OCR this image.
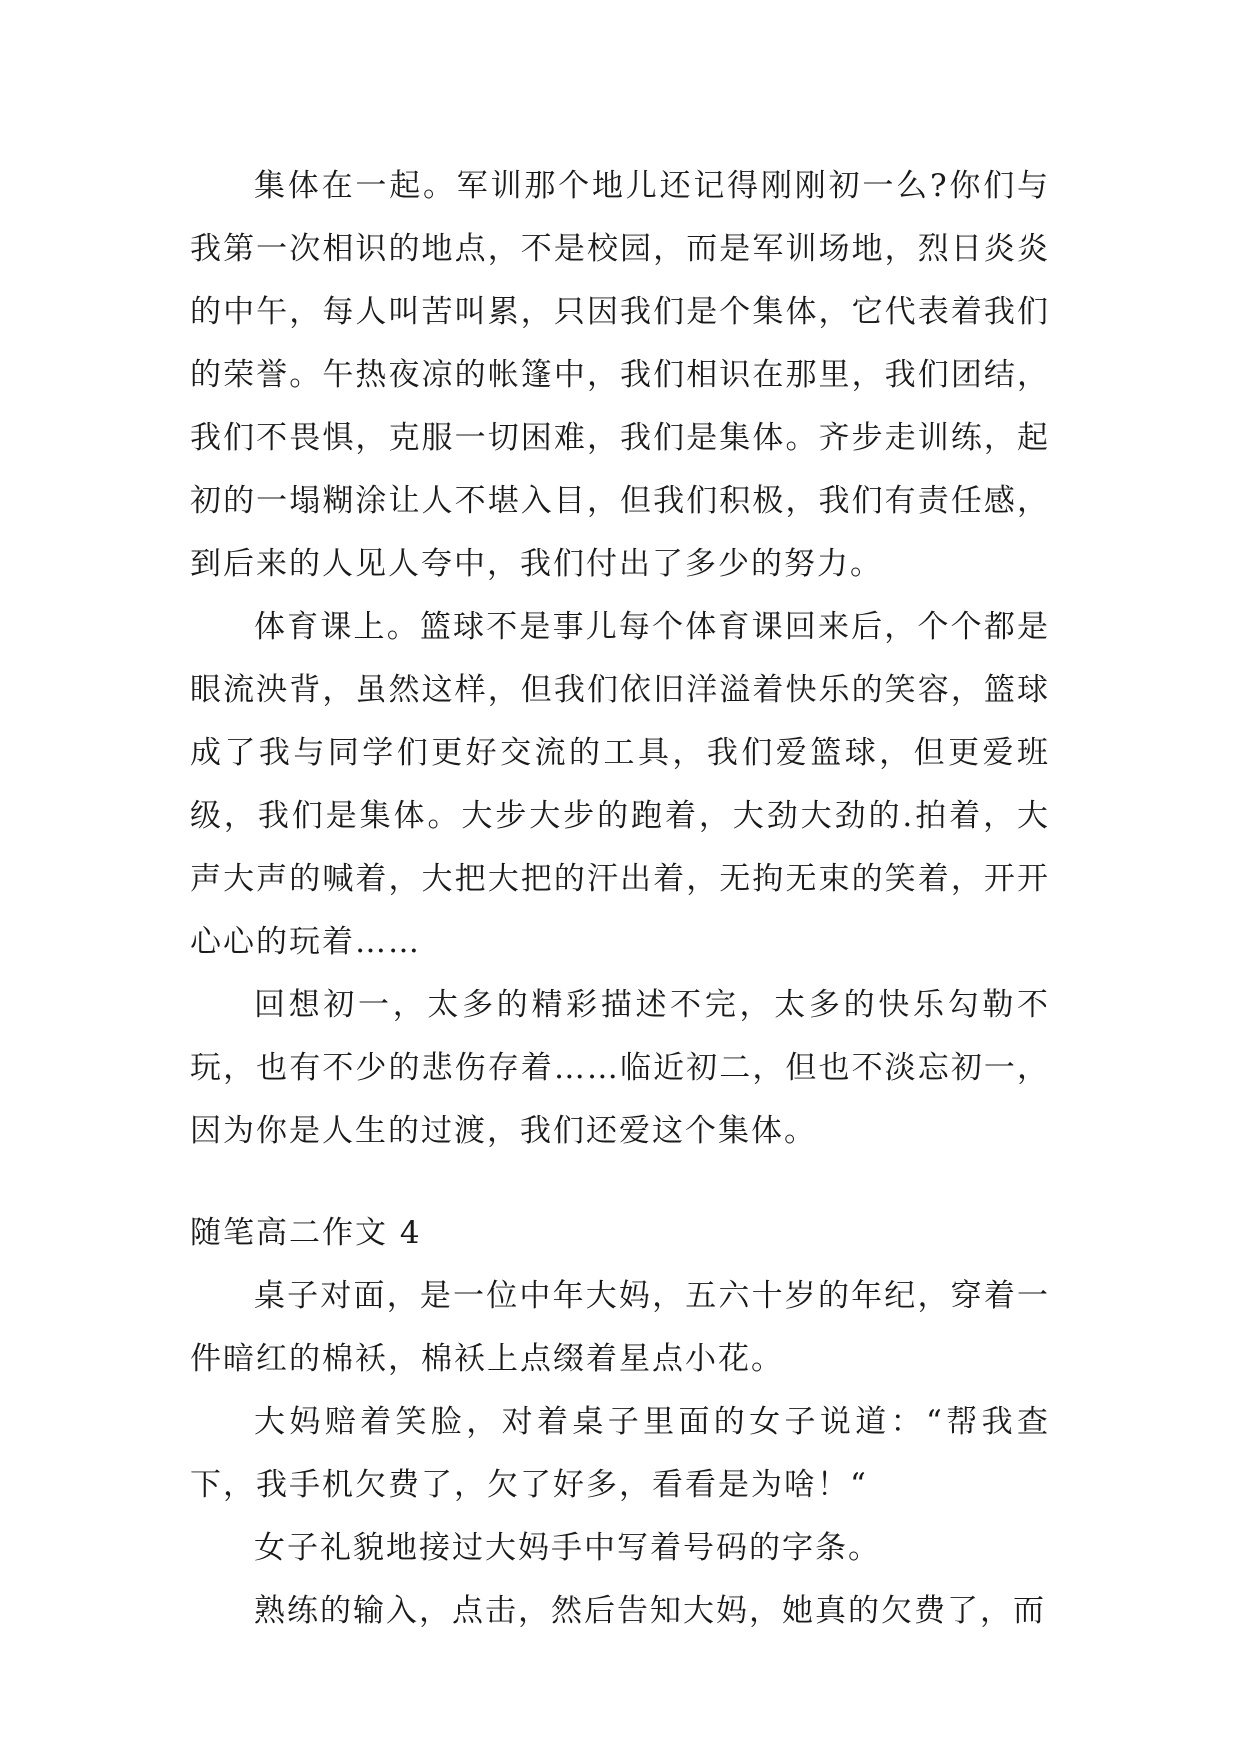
集体在一起。军训那个地儿还记得刚刚初一么?你们与我第一次相识的地点，不是校园，而是军训场地，烈日炎炎的中午，每人叫苦叫累，只因我们是个集体，它代表着我们的荣誉。午热夜凉的帐篷中，我们相识在那里，我们团结，我们不畏惧，克服一切困难，我们是集体。齐步走训练，起初的一塌糊涂让人不堪入目，但我们积极，我们有责任感，到后来的人见人夸中，我们付出了多少的努力。

体育课上。篮球不是事儿每个体育课回来后，个个都是眼流泱背，虽然这样，但我们依旧洋溢着快乐的笑容，篮球成了我与同学们更好交流的工具，我们爱篮球，但更爱班级，我们是集体。大步大步的跑着，大劲大劲的.拍着，大声大声的喊着，大把大把的汗出着，无拘无束的笑着，开开心心的玩着……

回想初一，太多的精彩描述不完，太多的快乐勾勒不玩，也有不少的悲伤存着……临近初二，但也不淡忘初一，因为你是人生的过渡，我们还爱这个集体。

随笔高二作文 4

桌子对面，是一位中年大妈，五六十岁的年纪，穿着一件暗红的棉袄，棉袄上点缀着星点小花。

大妈赔着笑脸，对着桌子里面的女子说道：“帮我查下，我手机欠费了，欠了好多，看看是为啥！“

女子礼貌地接过大妈手中写着号码的字条。

熟练的输入，点击，然后告知大妈，她真的欠费了，而
